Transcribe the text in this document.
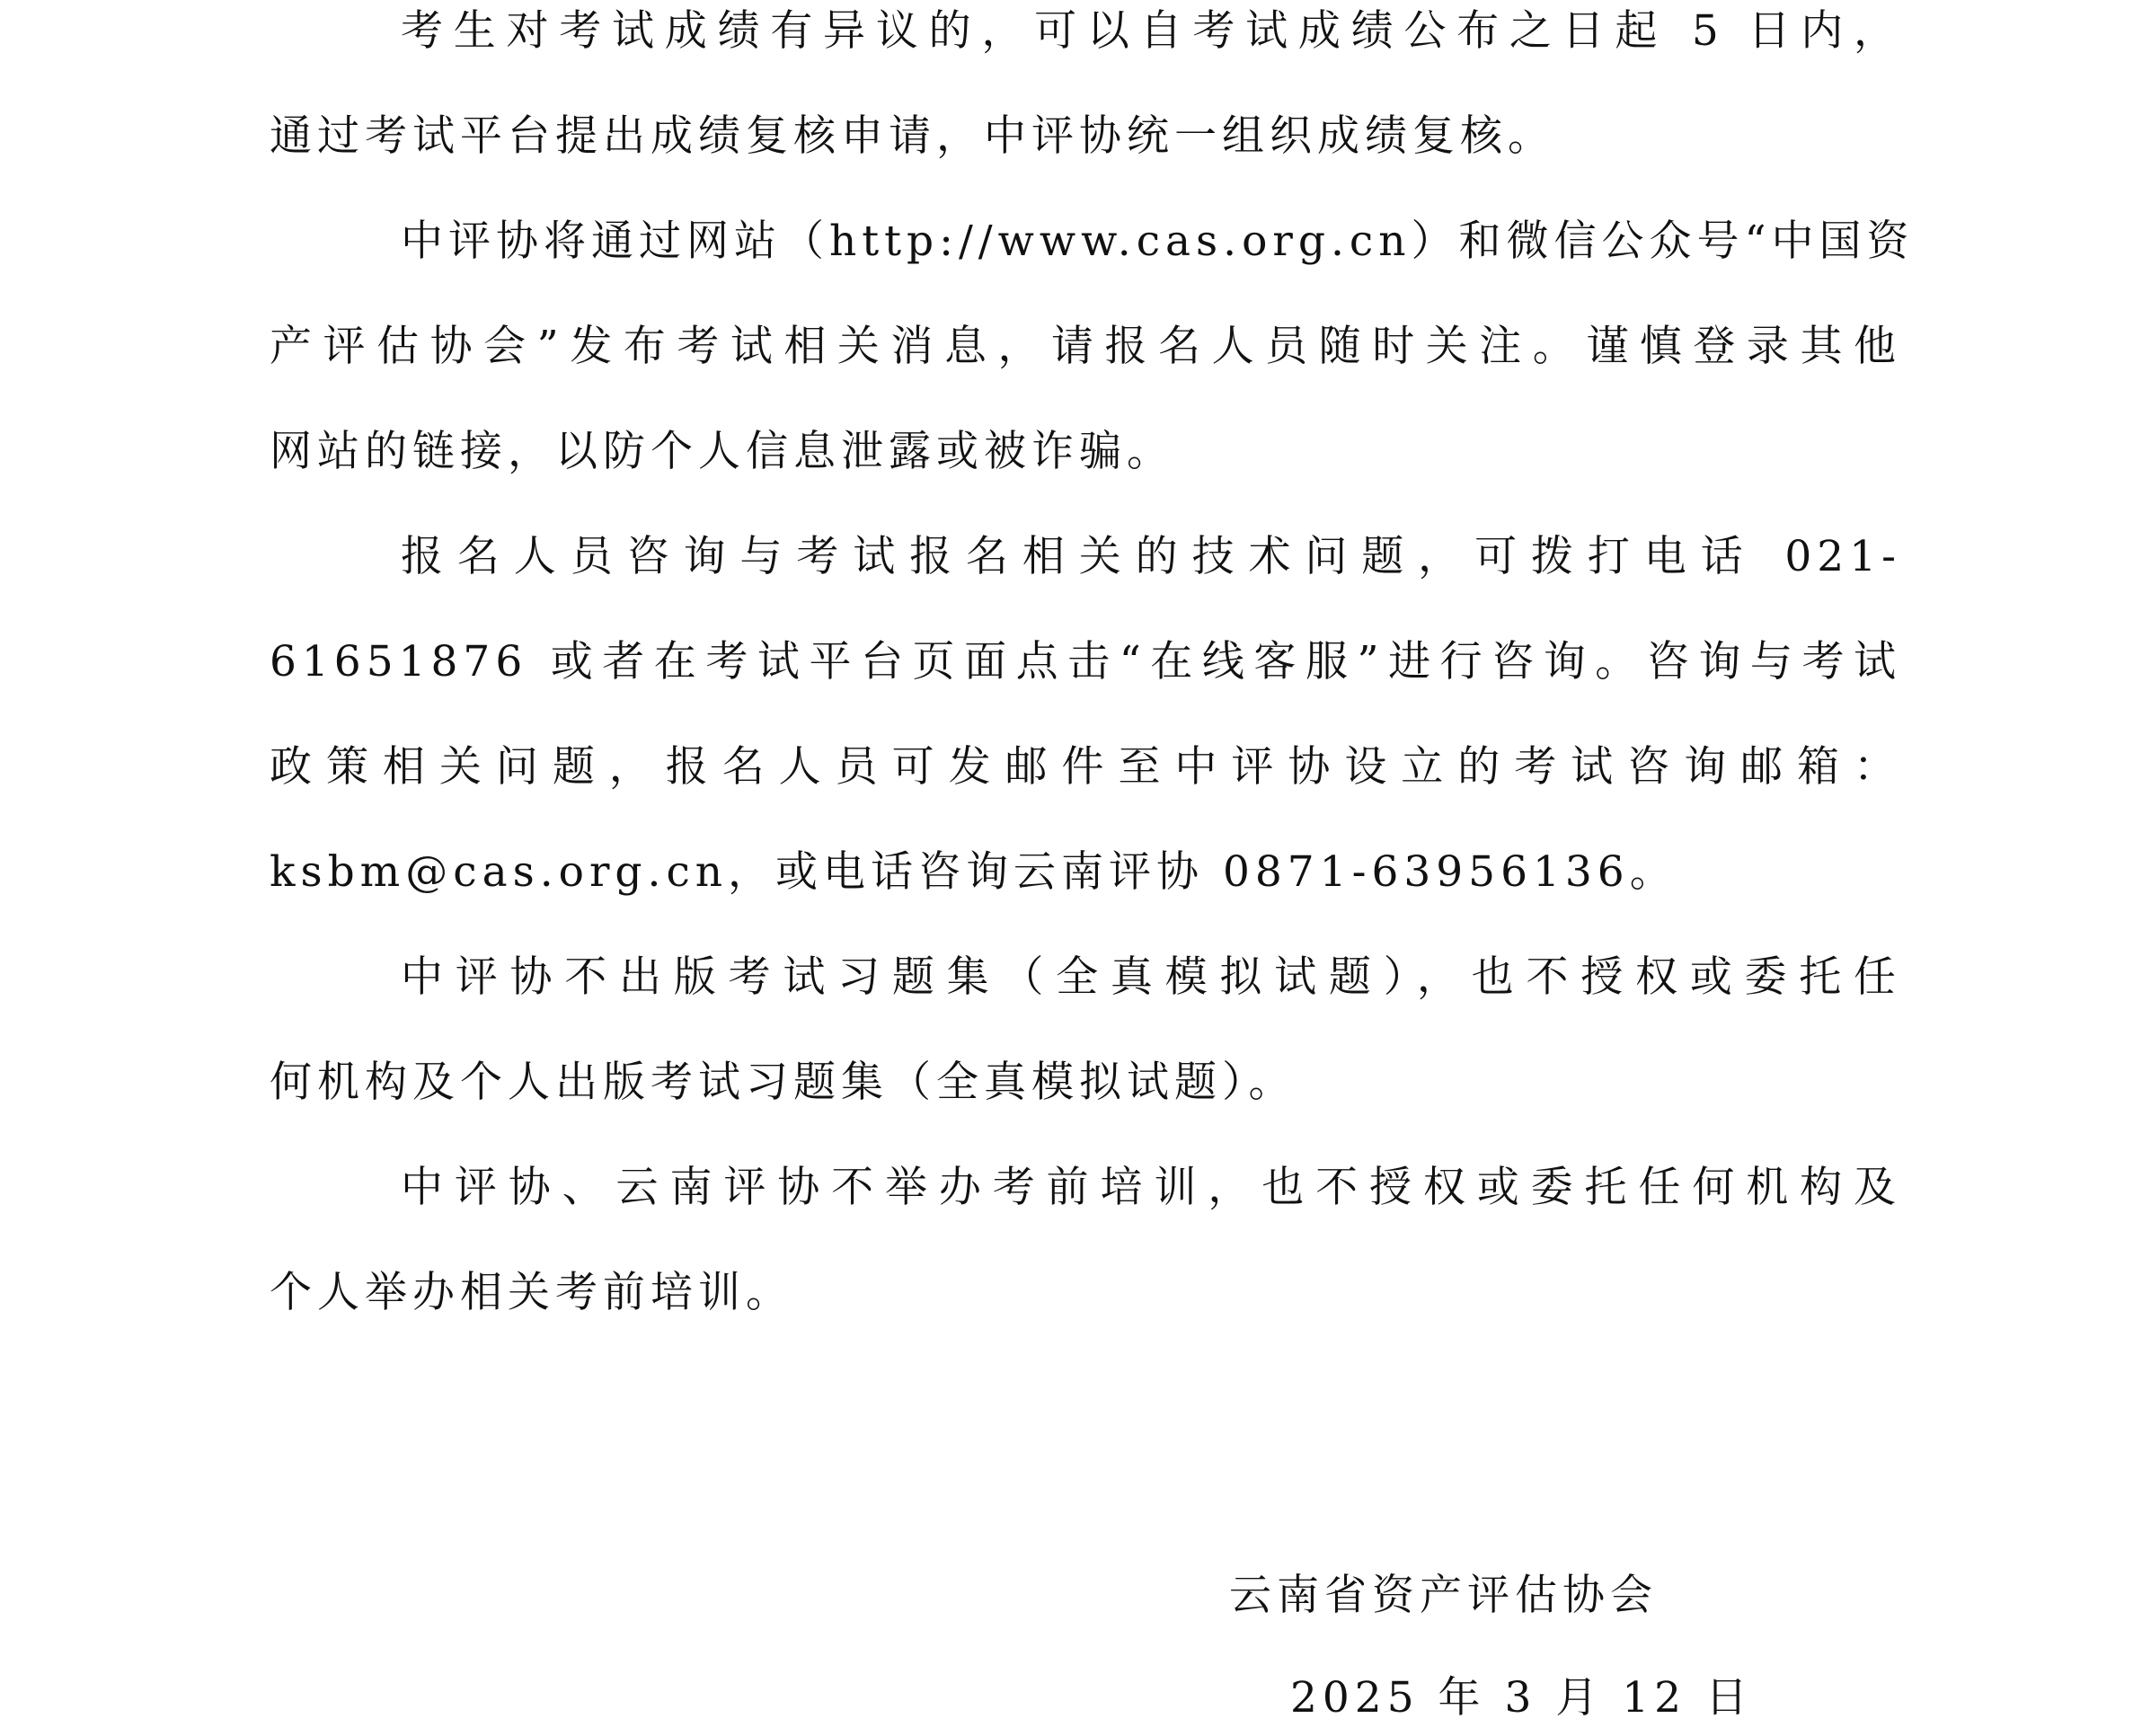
考生对考试成绩有异议的，可以自考试成绩公布之日起 5 日内，
通过考试平台提出成绩复核申请，中评协统一组织成绩复核。
中评协将通过网站（http://www.cas.org.cn）和微信公众号“中国资
产评估协会”发布考试相关消息，请报名人员随时关注。谨慎登录其他
网站的链接，以防个人信息泄露或被诈骗。
报名人员咨询与考试报名相关的技术问题，可拨打电话 021-
61651876 或者在考试平台页面点击“在线客服”进行咨询。咨询与考试
政策相关问题，报名人员可发邮件至中评协设立的考试咨询邮箱：
ksbm@cas.org.cn，或电话咨询云南评协 0871-63956136。
中评协不出版考试习题集（全真模拟试题），也不授权或委托任
何机构及个人出版考试习题集（全真模拟试题）。
中评协、云南评协不举办考前培训，也不授权或委托任何机构及
个人举办相关考前培训。
云南省资产评估协会
2025 年 3 月 12 日
